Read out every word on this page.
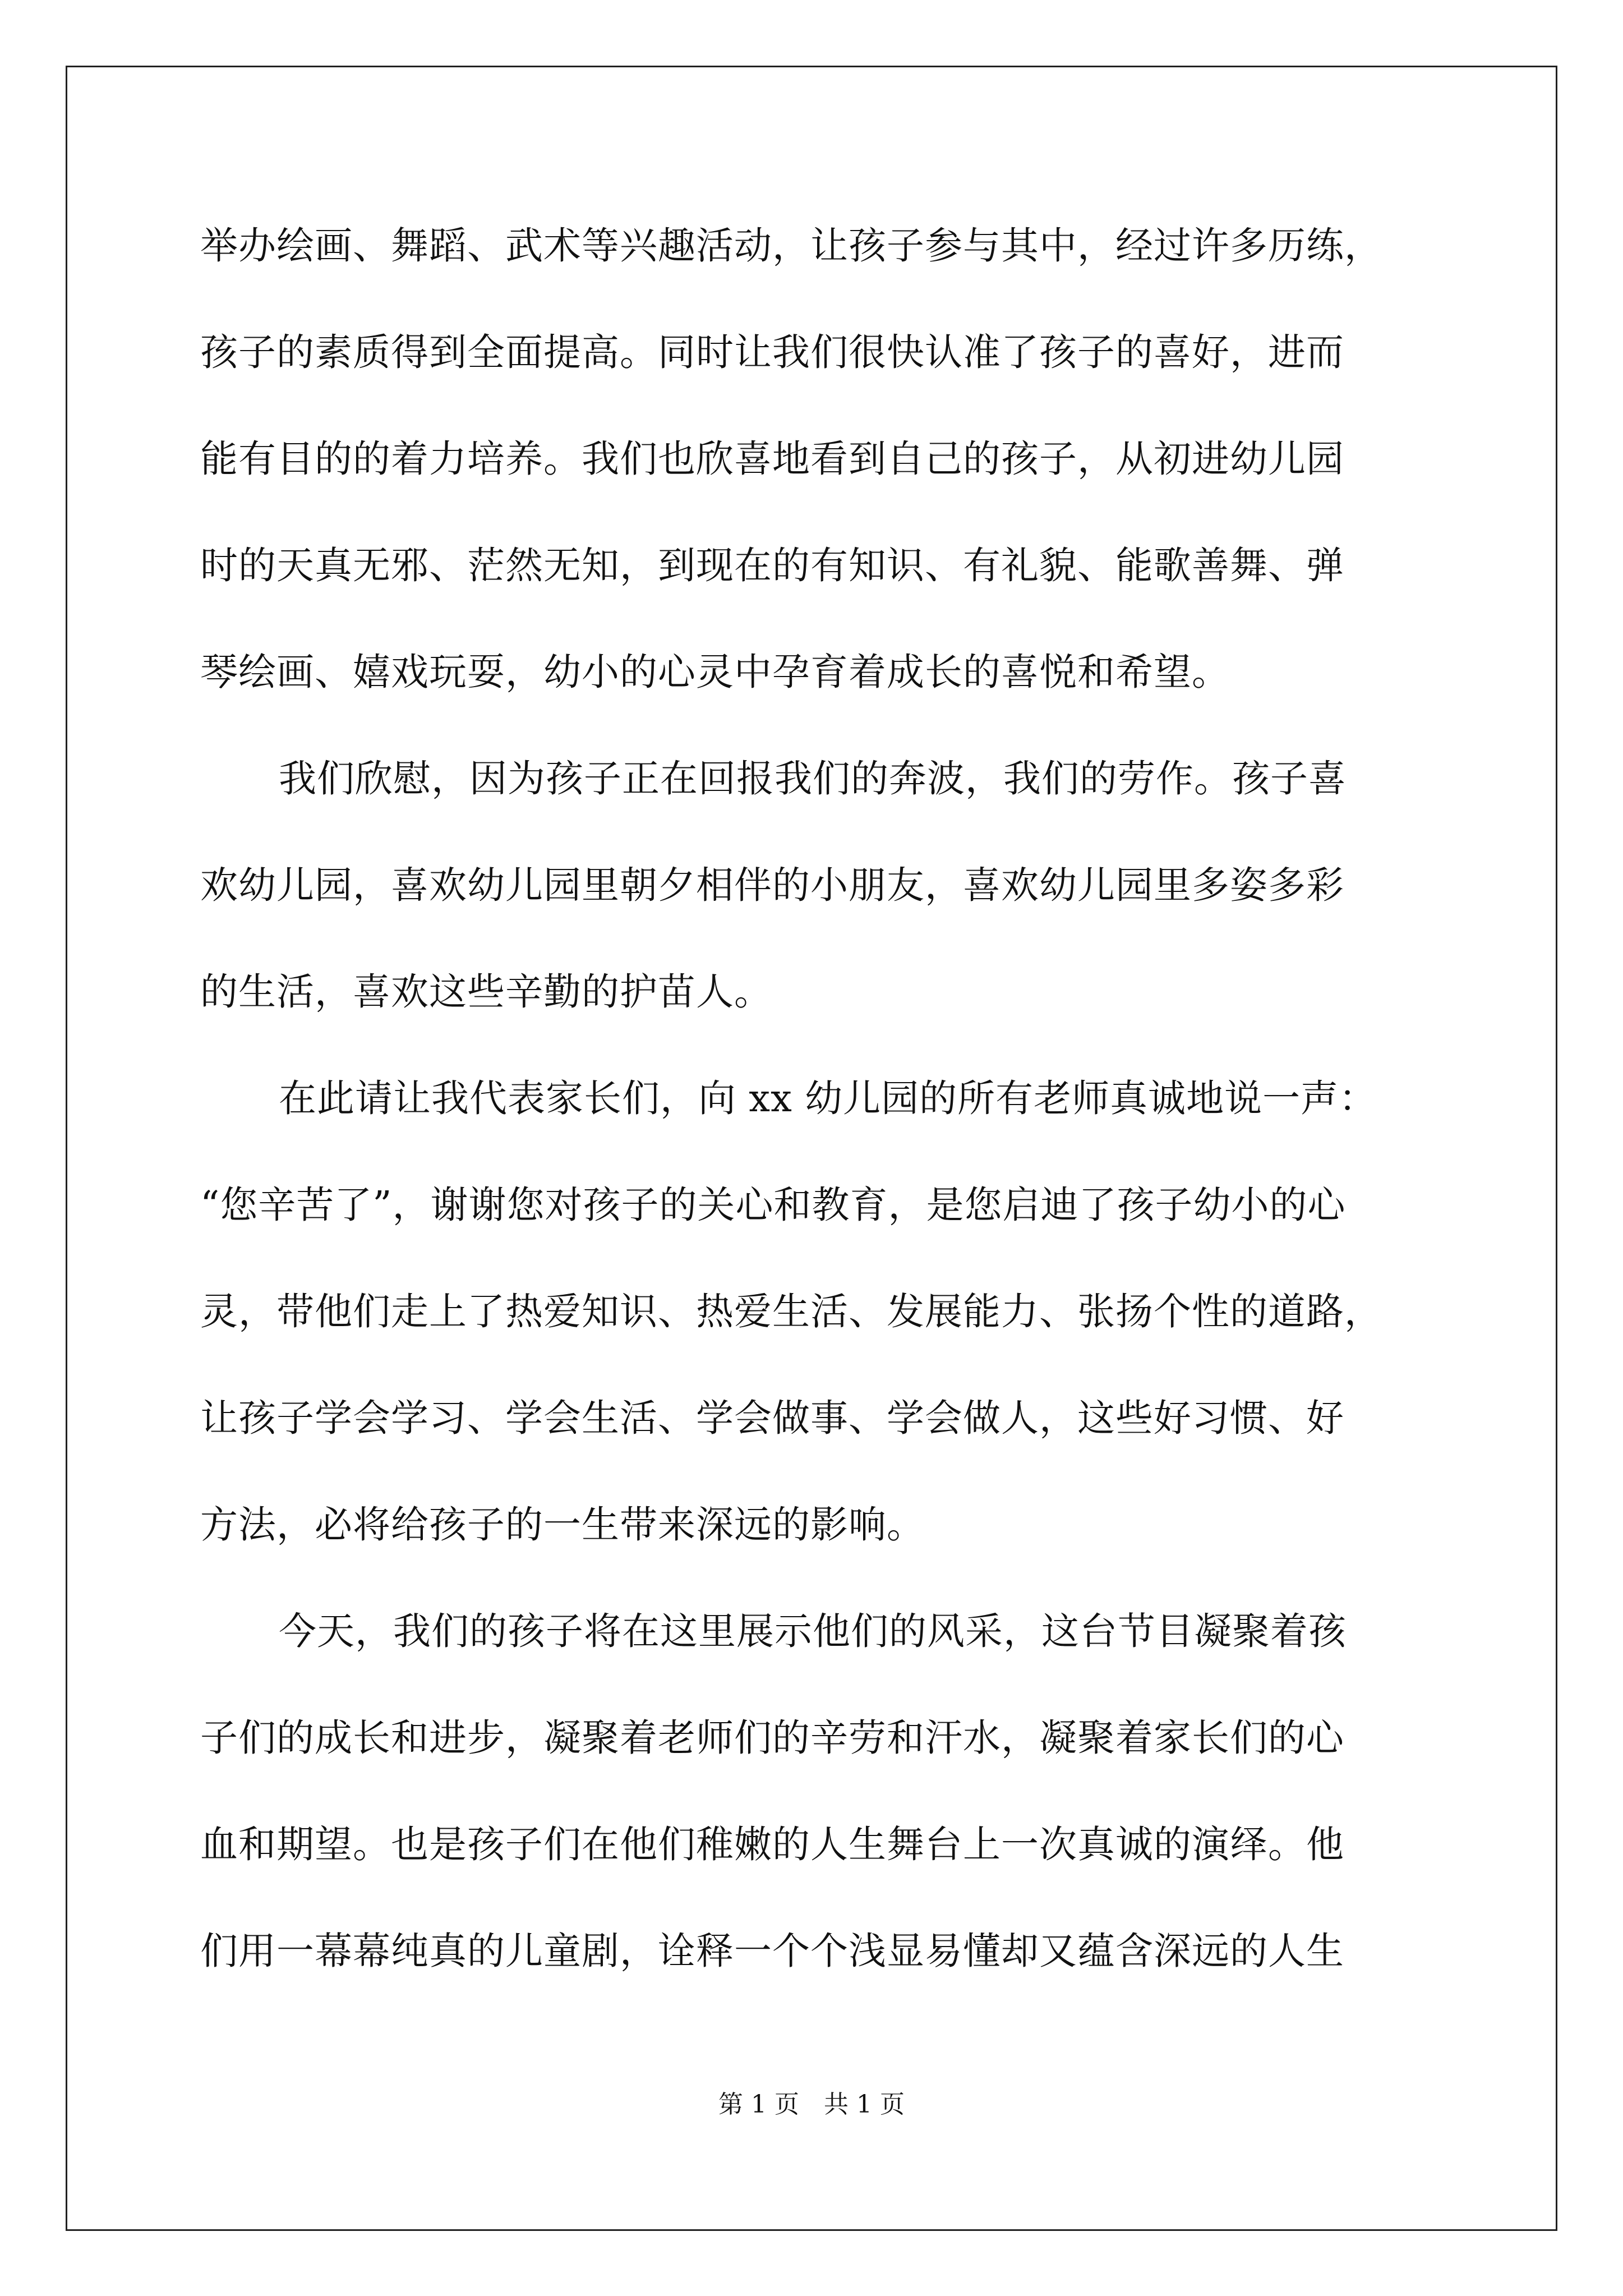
举办绘画、舞蹈、武术等兴趣活动，让孩子参与其中，经过许多历练，
孩子的素质得到全面提高。同时让我们很快认准了孩子的喜好，进而
能有目的的着力培养。我们也欣喜地看到自己的孩子，从初进幼儿园
时的天真无邪、茫然无知，到现在的有知识、有礼貌、能歌善舞、弹
琴绘画、嬉戏玩耍，幼小的心灵中孕育着成长的喜悦和希望。
我们欣慰，因为孩子正在回报我们的奔波，我们的劳作。孩子喜
欢幼儿园，喜欢幼儿园里朝夕相伴的小朋友，喜欢幼儿园里多姿多彩
的生活，喜欢这些辛勤的护苗人。
在此请让我代表家长们，向 xx 幼儿园的所有老师真诚地说一声：
“您辛苦了”，谢谢您对孩子的关心和教育，是您启迪了孩子幼小的心
灵，带他们走上了热爱知识、热爱生活、发展能力、张扬个性的道路，
让孩子学会学习、学会生活、学会做事、学会做人，这些好习惯、好
方法，必将给孩子的一生带来深远的影响。
今天，我们的孩子将在这里展示他们的风采，这台节目凝聚着孩
子们的成长和进步，凝聚着老师们的辛劳和汗水，凝聚着家长们的心
血和期望。也是孩子们在他们稚嫩的人生舞台上一次真诚的演绎。他
们用一幕幕纯真的儿童剧，诠释一个个浅显易懂却又蕴含深远的人生
第 1 页　共 1 页
